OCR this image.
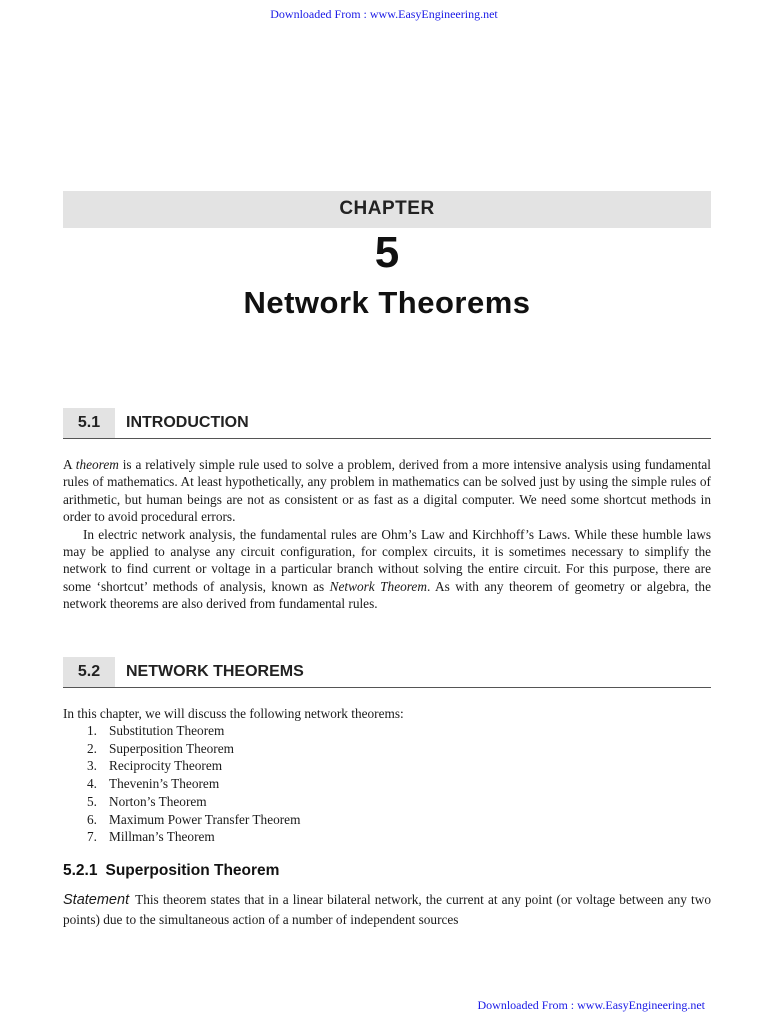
Downloaded From : www.EasyEngineering.net
CHAPTER
5
Network Theorems
5.1	INTRODUCTION

A theorem is a relatively simple rule used to solve a problem, derived from a more intensive analysis using fundamental rules of mathematics. At least hypothetically, any problem in mathematics can be solved just by using the simple rules of arithmetic, but human beings are not as consistent or as fast as a digital computer. We need some shortcut methods in order to avoid procedural errors.

In electric network analysis, the fundamental rules are Ohm’s Law and Kirchhoff’s Laws. While these humble laws may be applied to analyse any circuit configuration, for complex circuits, it is sometimes necessary to simplify the network to find current or voltage in a particular branch without solving the entire circuit. For this purpose, there are some ‘shortcut’ methods of analysis, known as Network Theorem. As with any theorem of geometry or algebra, the network theorems are also derived from fundamental rules.

5.2	NETWORK THEOREMS
In this chapter, we will discuss the following network theorems:
1. Substitution Theorem
2. Superposition Theorem
3. Reciprocity Theorem
4. Thevenin’s Theorem
5. Norton’s Theorem
6. Maximum Power Transfer Theorem
7. Millman’s Theorem
5.2.1 Superposition Theorem
Statement This theorem states that in a linear bilateral network, the current at any point (or voltage between any two points) due to the simultaneous action of a number of independent sources
Downloaded From : www.EasyEngineering.net
